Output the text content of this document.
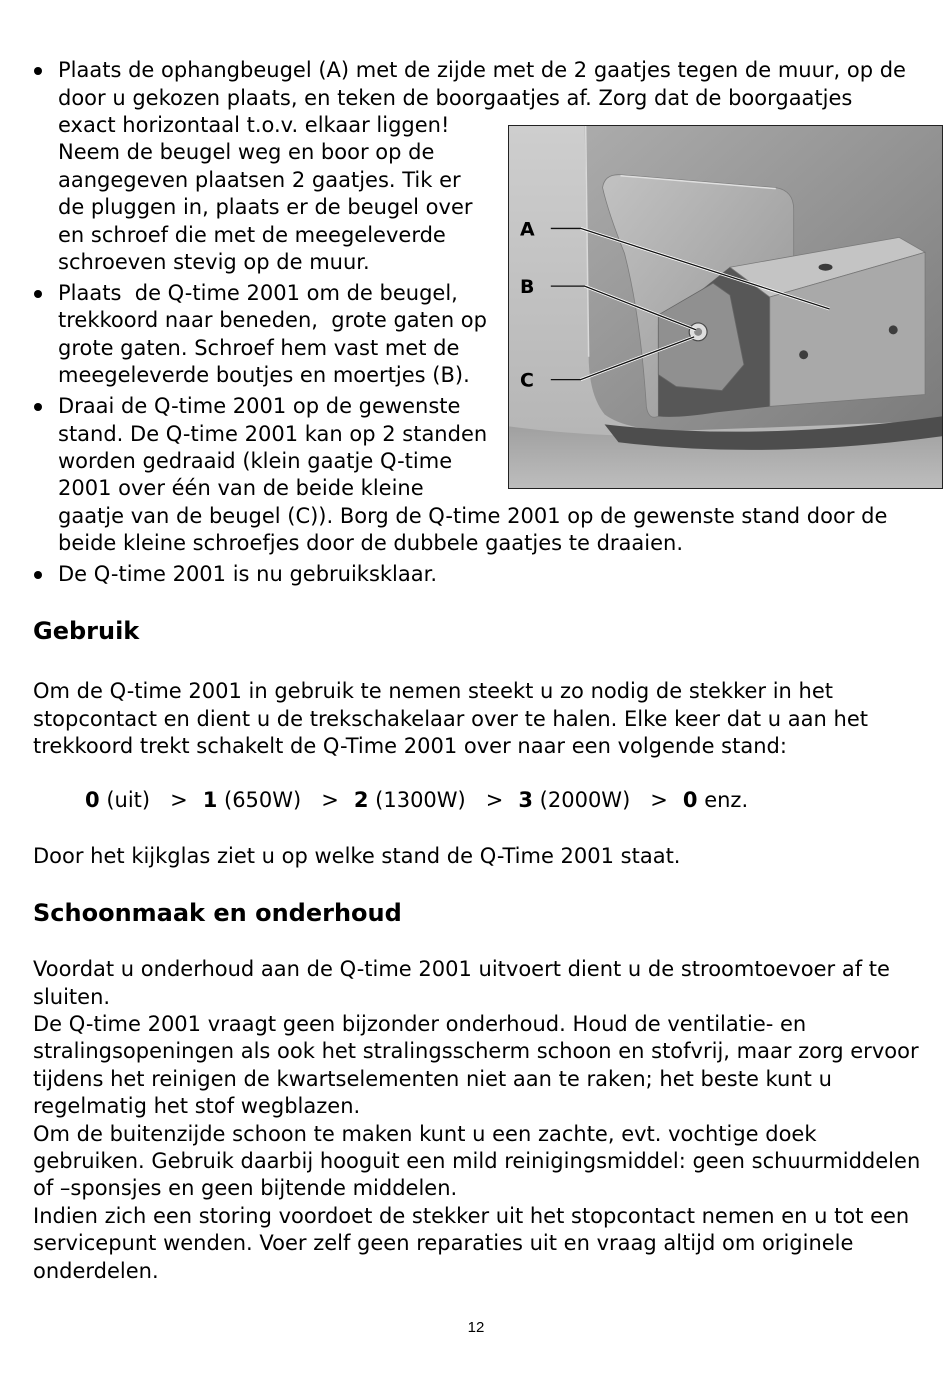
Plaats de ophangbeugel (A) met de zijde met de 2 gaatjes tegen de muur, op de
door u gekozen plaats, en teken de boorgaatjes af. Zorg dat de boorgaatjes
exact horizontaal t.o.v. elkaar liggen!
Neem de beugel weg en boor op de
aangegeven plaatsen 2 gaatjes. Tik er
de pluggen in, plaats er de beugel over
en schroef die met de meegeleverde
schroeven stevig op de muur.
Plaats  de Q-time 2001 om de beugel,
trekkoord naar beneden,  grote gaten op
grote gaten. Schroef hem vast met de
meegeleverde boutjes en moertjes (B).
Draai de Q-time 2001 op de gewenste
stand. De Q-time 2001 kan op 2 standen
worden gedraaid (klein gaatje Q-time
2001 over één van de beide kleine
gaatje van de beugel (C)). Borg de Q-time 2001 op de gewenste stand door de
beide kleine schroefjes door de dubbele gaatjes te draaien.
De Q-time 2001 is nu gebruiksklaar.
A
B
C
Gebruik
Om de Q-time 2001 in gebruik te nemen steekt u zo nodig de stekker in het
stopcontact en dient u de trekschakelaar over te halen. Elke keer dat u aan het
trekkoord trekt schakelt de Q-Time 2001 over naar een volgende stand:
0 (uit) > 1 (650W) > 2 (1300W) > 3 (2000W) > 0 enz.
Door het kijkglas ziet u op welke stand de Q-Time 2001 staat.
Schoonmaak en onderhoud
Voordat u onderhoud aan de Q-time 2001 uitvoert dient u de stroomtoevoer af te
sluiten.
De Q-time 2001 vraagt geen bijzonder onderhoud. Houd de ventilatie- en
stralingsopeningen als ook het stralingsscherm schoon en stofvrij, maar zorg ervoor
tijdens het reinigen de kwartselementen niet aan te raken; het beste kunt u
regelmatig het stof wegblazen.
Om de buitenzijde schoon te maken kunt u een zachte, evt. vochtige doek
gebruiken. Gebruik daarbij hooguit een mild reinigingsmiddel: geen schuurmiddelen
of –sponsjes en geen bijtende middelen.
Indien zich een storing voordoet de stekker uit het stopcontact nemen en u tot een
servicepunt wenden. Voer zelf geen reparaties uit en vraag altijd om originele
onderdelen.
12
